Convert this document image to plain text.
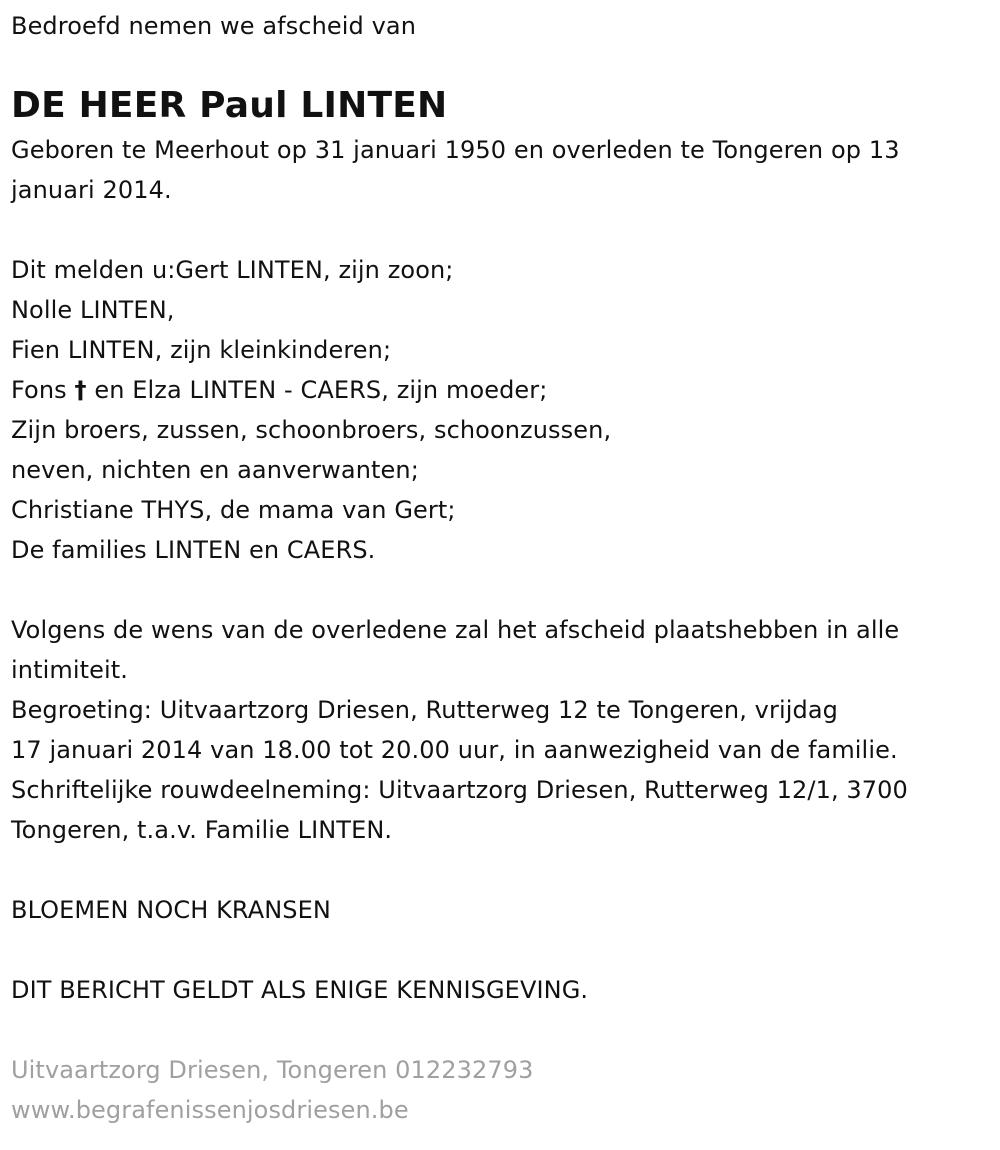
Bedroefd nemen we afscheid van
DE HEER Paul LINTEN
Geboren te Meerhout op 31 januari 1950 en overleden te Tongeren op 13
januari 2014.
Dit melden u:Gert LINTEN, zijn zoon;
Nolle LINTEN,
Fien LINTEN, zijn kleinkinderen;
Fons † en Elza LINTEN - CAERS, zijn moeder;
Zijn broers, zussen, schoonbroers, schoonzussen,
neven, nichten en aanverwanten;
Christiane THYS, de mama van Gert;
De families LINTEN en CAERS.
Volgens de wens van de overledene zal het afscheid plaatshebben in alle
intimiteit.
Begroeting: Uitvaartzorg Driesen, Rutterweg 12 te Tongeren, vrijdag
17 januari 2014 van 18.00 tot 20.00 uur, in aanwezigheid van de familie.
Schriftelijke rouwdeelneming: Uitvaartzorg Driesen, Rutterweg 12/1, 3700
Tongeren, t.a.v. Familie LINTEN.
BLOEMEN NOCH KRANSEN
DIT BERICHT GELDT ALS ENIGE KENNISGEVING.
Uitvaartzorg Driesen, Tongeren 012232793
www.begrafenissenjosdriesen.be
